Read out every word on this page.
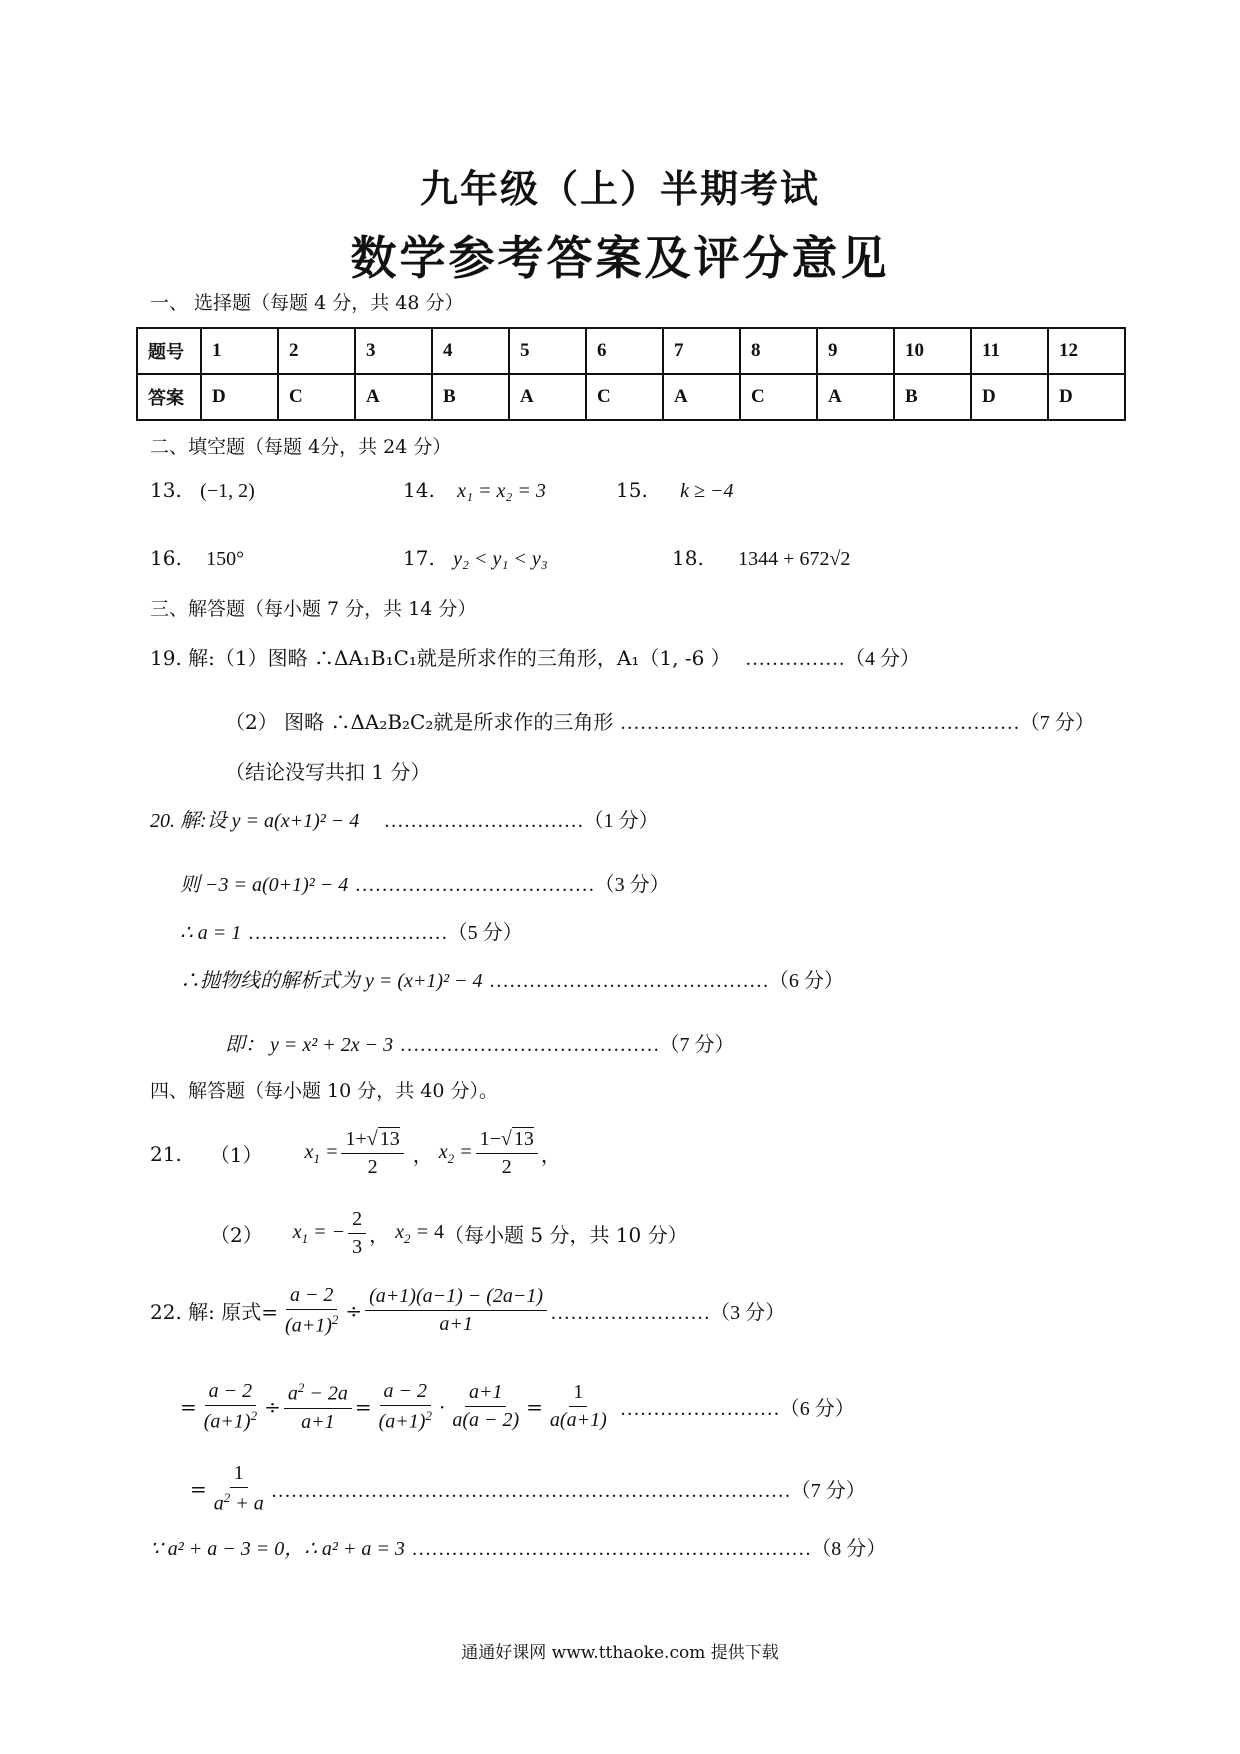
九年级（上）半期考试
数学参考答案及评分意见
一、 选择题（每题 4 分，共 48 分）
题号	1	2	3	4	5	6	7	8	9	10	11	12
答案	D	C	A	B	A	C	A	C	A	B	D	D
二、填空题（每题 4分，共 24 分）
13. (−1, 2)	14. x₁ = x₂ = 3	15. k ≥ −4
16. 150°	17. y₂ < y₁ < y₃	18. 1344 + 672√2
三、解答题（每小题 7 分，共 14 分）
19. 解:（1）图略 ∴ΔA₁B₁C₁就是所求作的三角形，A₁（1, -6 ） ……………（4 分）
（2） 图略 ∴ΔA₂B₂C₂就是所求作的三角形 ……………………………………………………（7 分）
（结论没写共扣 1 分）
20. 解:设 y = a(x+1)² − 4 …………………………（1 分）
则 −3 = a(0+1)² − 4 ………………………………（3 分）
∴ a = 1 …………………………（5 分）
∴抛物线的解析式为 y = (x+1)² − 4 ……………………………………（6 分）
即： y = x² + 2x − 3 …………………………………（7 分）
四、解答题（每小题 10 分，共 40 分）。
21. （1） $x_1 = \frac{1+√ 13}{2}$ ， $x_2 = \frac{1-√ 13}{2}$ ，
（2） $x_1$ = − $\frac{2}{3}$ ， $x_2 = 4$ （每小题 5 分，共 10 分）
22. 解: 原式= $\frac{a - 2}{(a+1)^2} \div \frac{(a+1)(a-1) - (2a-1)}{a+1}$ ……………………（3 分）
= $\frac{a - 2}{(a+1)^2} \div \frac{a^2 - 2a}{a+1} = \frac{a - 2}{(a+1)^2} \cdot \frac{a+1}{a(a - 2)} = \frac{1}{a(a+1)}$ ……………………（6 分）
= $\frac{1}{a^2 + a}$ ……………………………………………………………………（7 分）
∵ a² + a − 3 = 0，∴ a² + a = 3 ……………………………………………………（8 分）
通通好课网 www.tthaoke.com 提供下载
